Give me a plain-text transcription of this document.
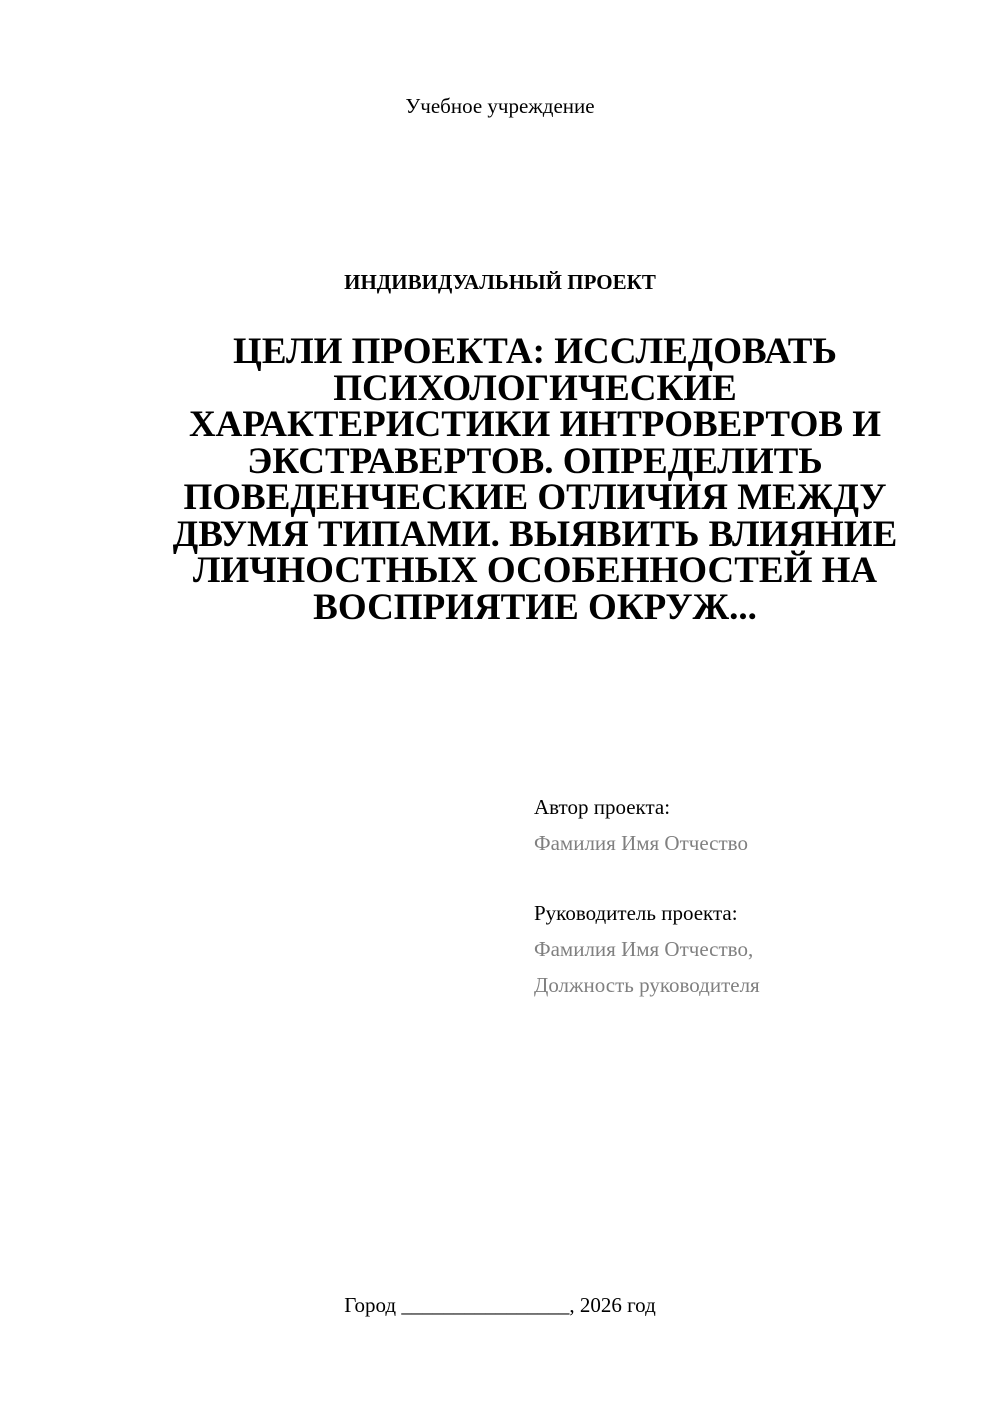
Учебное учреждение
ИНДИВИДУАЛЬНЫЙ ПРОЕКТ
ЦЕЛИ ПРОЕКТА: ИССЛЕДОВАТЬ
ПСИХОЛОГИЧЕСКИЕ
ХАРАКТЕРИСТИКИ ИНТРОВЕРТОВ И
ЭКСТРАВЕРТОВ. ОПРЕДЕЛИТЬ
ПОВЕДЕНЧЕСКИЕ ОТЛИЧИЯ МЕЖДУ
ДВУМЯ ТИПАМИ. ВЫЯВИТЬ ВЛИЯНИЕ
ЛИЧНОСТНЫХ ОСОБЕННОСТЕЙ НА
ВОСПРИЯТИЕ ОКРУЖ...
Автор проекта:
Фамилия Имя Отчество
Руководитель проекта:
Фамилия Имя Отчество,
Должность руководителя
Город ________________, 2026 год
